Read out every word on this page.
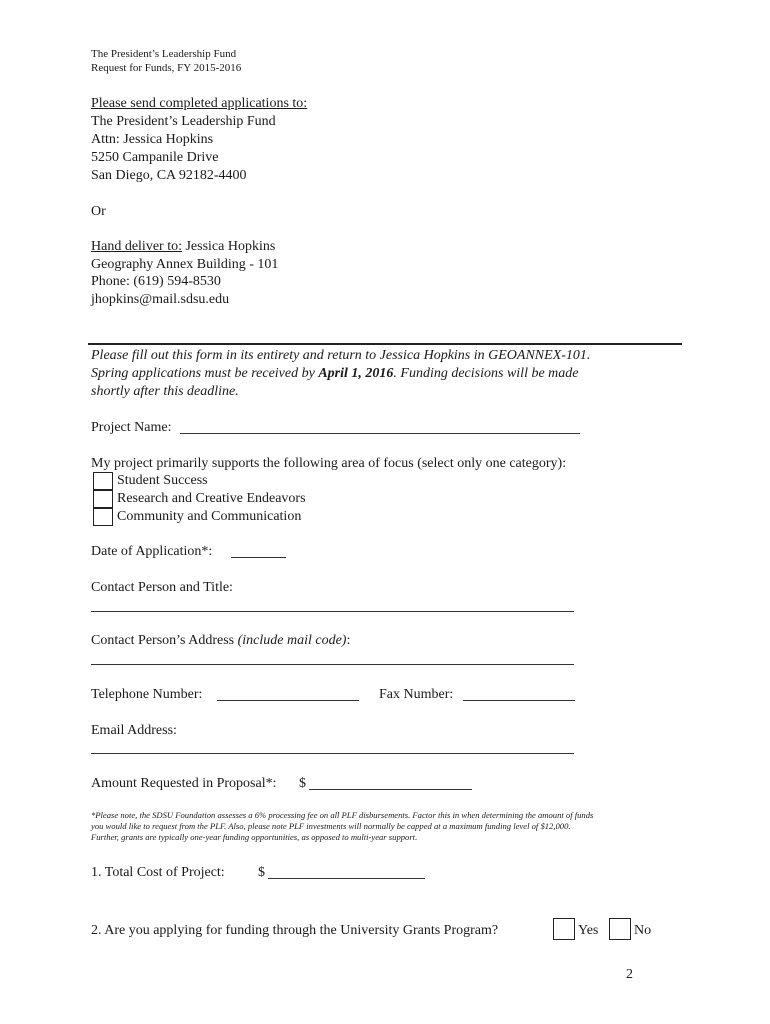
The President’s Leadership Fund
Request for Funds, FY 2015-2016
Please send completed applications to:
The President’s Leadership Fund
Attn: Jessica Hopkins
5250 Campanile Drive
San Diego, CA 92182-4400
Or
Hand deliver to: Jessica Hopkins
Geography Annex Building - 101
Phone: (619) 594-8530
jhopkins@mail.sdsu.edu
Please fill out this form in its entirety and return to Jessica Hopkins in GEOANNEX-101.
Spring applications must be received by April 1, 2016. Funding decisions will be made
shortly after this deadline.
Project Name:
My project primarily supports the following area of focus (select only one category):
Student Success
Research and Creative Endeavors
Community and Communication
Date of Application*:
Contact Person and Title:
Contact Person’s Address (include mail code):
Telephone Number:	Fax Number:
Email Address:
Amount Requested in Proposal*: $
*Please note, the SDSU Foundation assesses a 6% processing fee on all PLF disbursements. Factor this in when determining the amount of funds
you would like to request from the PLF. Also, please note PLF investments will normally be capped at a maximum funding level of $12,000.
Further, grants are typically one-year funding opportunities, as opposed to multi-year support.
1. Total Cost of Project: $
2. Are you applying for funding through the University Grants Program?	Yes	No
2
